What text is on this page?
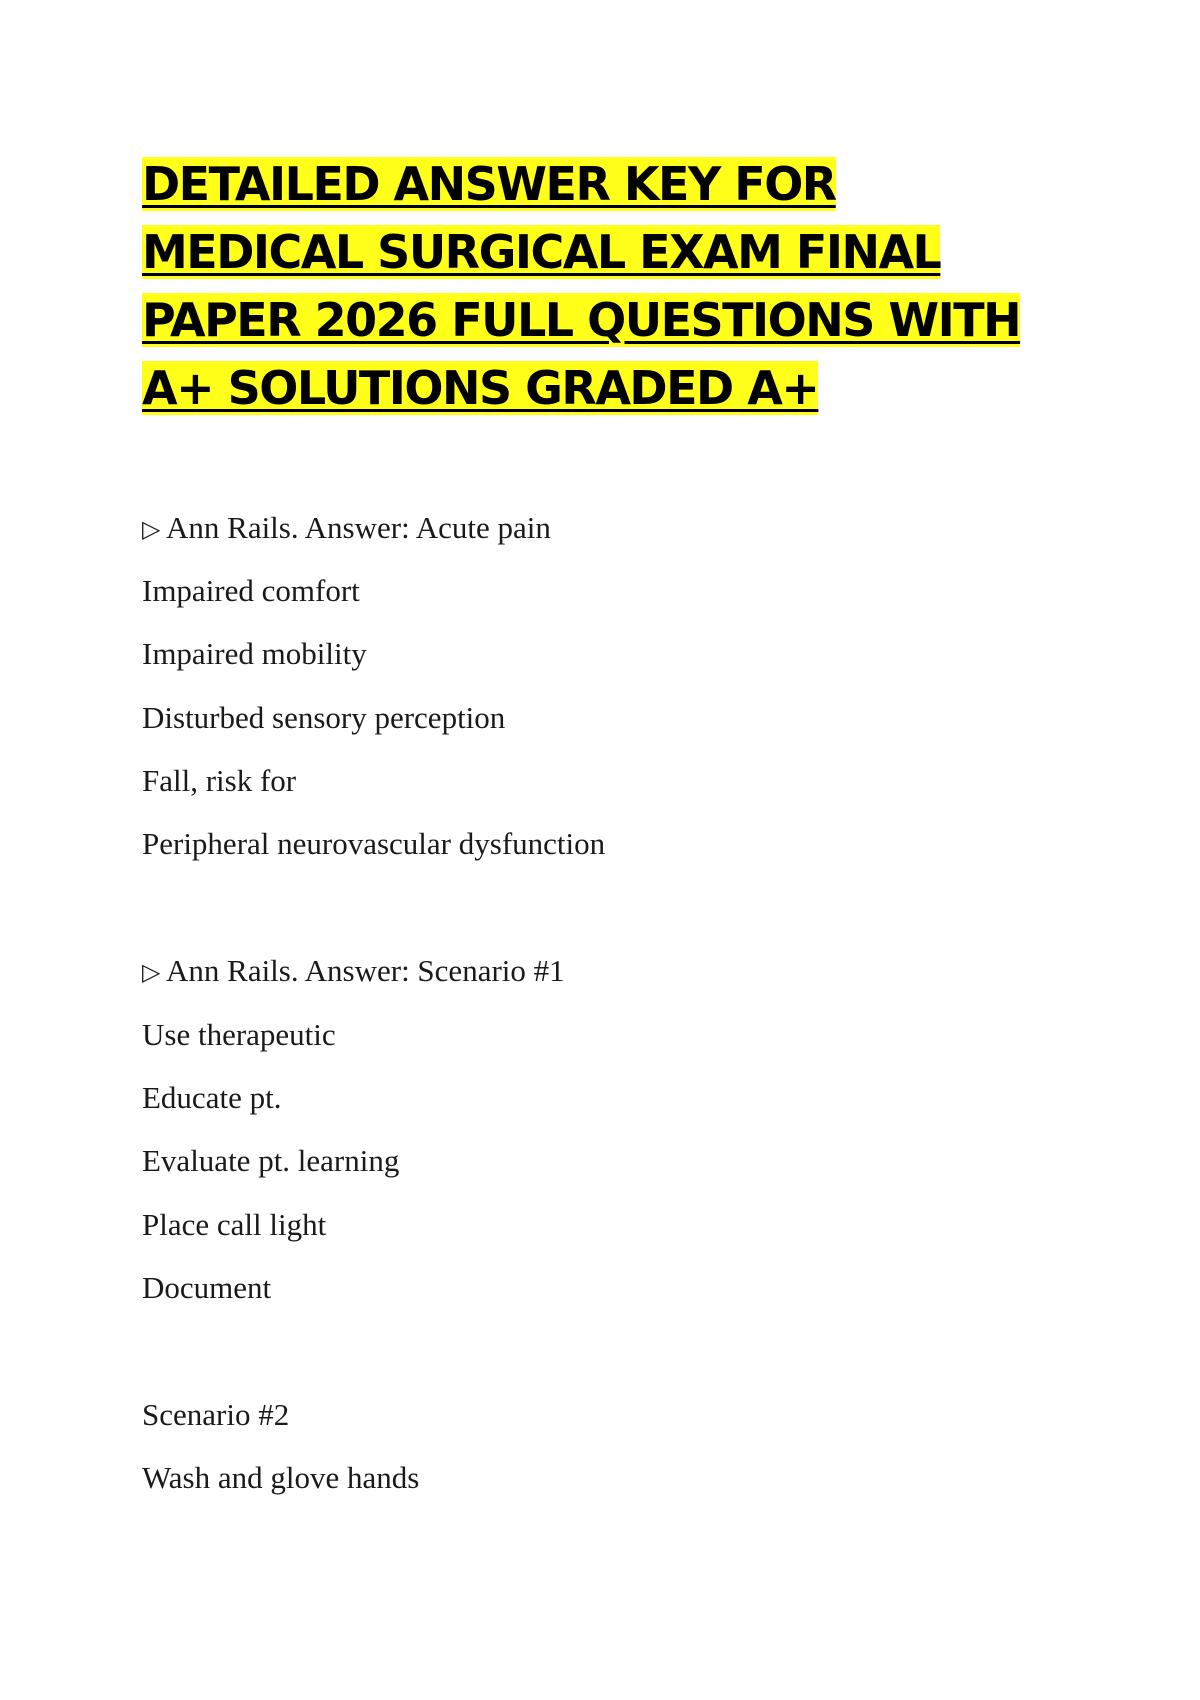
DETAILED ANSWER KEY FOR MEDICAL SURGICAL EXAM FINAL PAPER 2026 FULL QUESTIONS WITH A+ SOLUTIONS GRADED A+

▷ Ann Rails. Answer: Acute pain

Impaired comfort

Impaired mobility

Disturbed sensory perception

Fall, risk for

Peripheral neurovascular dysfunction

▷ Ann Rails. Answer: Scenario #1

Use therapeutic

Educate pt.

Evaluate pt. learning

Place call light

Document

Scenario #2

Wash and glove hands
